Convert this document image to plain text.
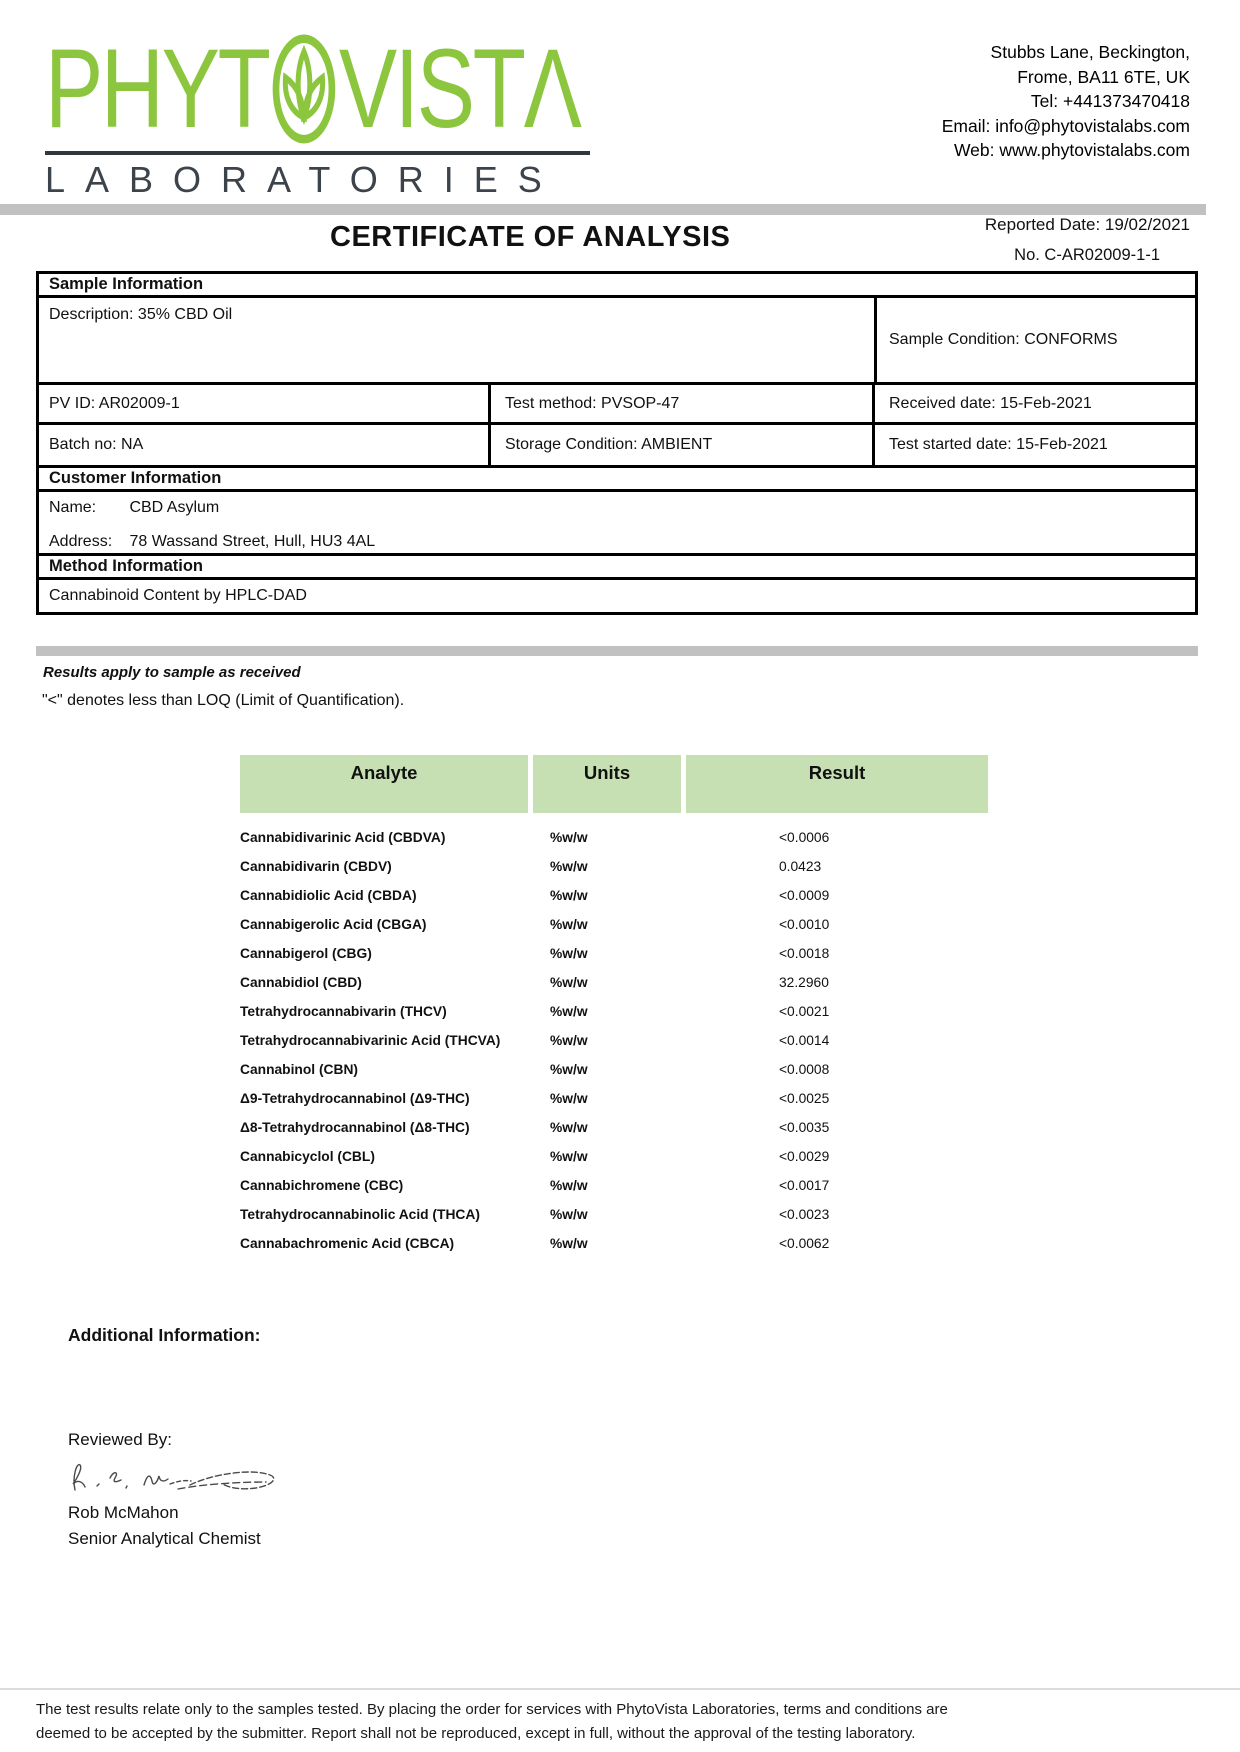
PHYT VISTΛ
LABORATORIES
Stubbs Lane, Beckington,
Frome, BA11 6TE, UK
Tel: +441373470418
Email: info@phytovistalabs.com
Web: www.phytovistalabs.com
Reported Date: 19/02/2021
CERTIFICATE OF ANALYSIS
No. C-AR02009-1-1
Sample Information
Description: 35% CBD Oil
Sample Condition: CONFORMS
PV ID: AR02009-1	Test method: PVSOP-47	Received date: 15-Feb-2021
Batch no: NA	Storage Condition: AMBIENT	Test started date: 15-Feb-2021
Customer Information
Name: CBD Asylum
Address: 78 Wassand Street, Hull, HU3 4AL
Method Information
Cannabinoid Content by HPLC-DAD
Results apply to sample as received
"<" denotes less than LOQ (Limit of Quantification).
Analyte	Units	Result
Cannabidivarinic Acid (CBDVA)	%w/w	<0.0006
Cannabidivarin (CBDV)	%w/w	0.0423
Cannabidiolic Acid (CBDA)	%w/w	<0.0009
Cannabigerolic Acid (CBGA)	%w/w	<0.0010
Cannabigerol (CBG)	%w/w	<0.0018
Cannabidiol (CBD)	%w/w	32.2960
Tetrahydrocannabivarin (THCV)	%w/w	<0.0021
Tetrahydrocannabivarinic Acid (THCVA)	%w/w	<0.0014
Cannabinol (CBN)	%w/w	<0.0008
Δ9-Tetrahydrocannabinol (Δ9-THC)	%w/w	<0.0025
Δ8-Tetrahydrocannabinol (Δ8-THC)	%w/w	<0.0035
Cannabicyclol (CBL)	%w/w	<0.0029
Cannabichromene (CBC)	%w/w	<0.0017
Tetrahydrocannabinolic Acid (THCA)	%w/w	<0.0023
Cannabachromenic Acid (CBCA)	%w/w	<0.0062
Additional Information:
Reviewed By:
Rob McMahon
Senior Analytical Chemist
The test results relate only to the samples tested. By placing the order for services with PhytoVista Laboratories, terms and conditions are
deemed to be accepted by the submitter. Report shall not be reproduced, except in full, without the approval of the testing laboratory.
